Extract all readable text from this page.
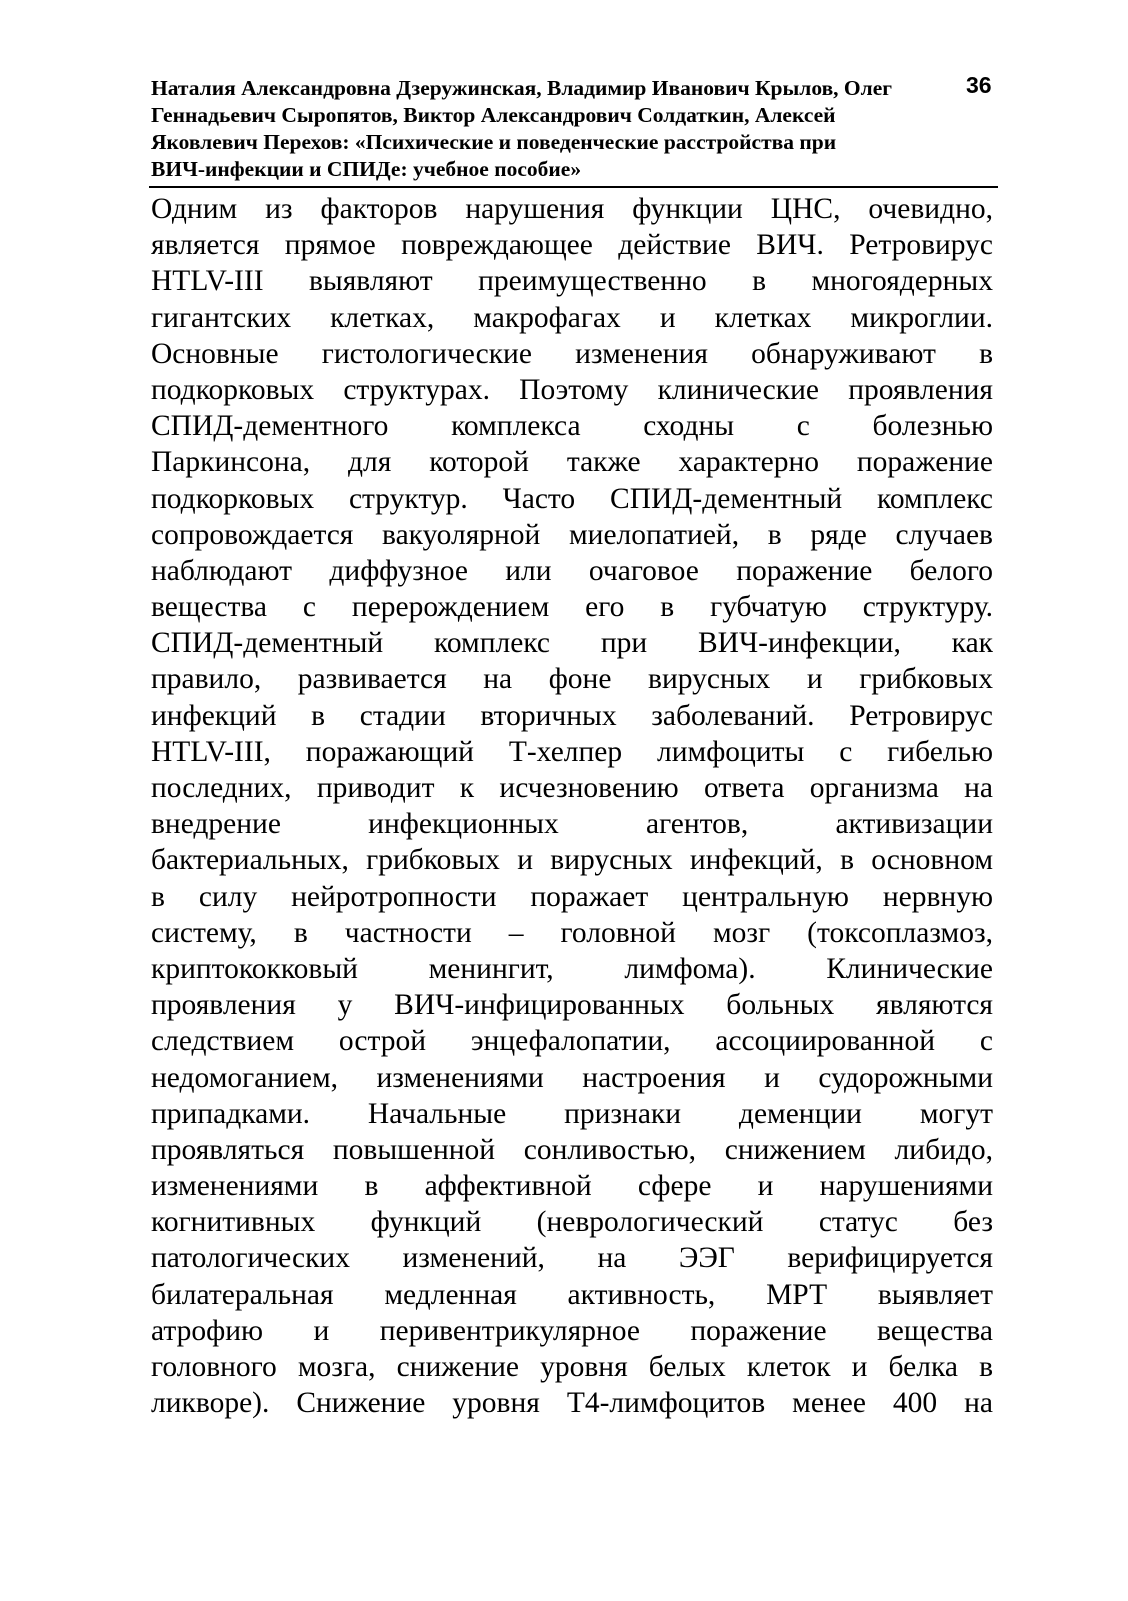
Наталия Александровна Дзеружинская, Владимир Иванович Крылов, Олег
Геннадьевич Сыропятов, Виктор Александрович Солдаткин, Алексей
Яковлевич Перехов: «Психические и поведенческие расстройства при
ВИЧ-инфекции и СПИДе: учебное пособие»
36
Одним из факторов нарушения функции ЦНС, очевидно,
является прямое повреждающее действие ВИЧ. Ретровирус
HTLV-III выявляют преимущественно в многоядерных
гигантских клетках, макрофагах и клетках микроглии.
Основные гистологические изменения обнаруживают в
подкорковых структурах. Поэтому клинические проявления
СПИД-дементного комплекса сходны с болезнью
Паркинсона, для которой также характерно поражение
подкорковых структур. Часто СПИД-дементный комплекс
сопровождается вакуолярной миелопатией, в ряде случаев
наблюдают диффузное или очаговое поражение белого
вещества с перерождением его в губчатую структуру.
СПИД-дементный комплекс при ВИЧ-инфекции, как
правило, развивается на фоне вирусных и грибковых
инфекций в стадии вторичных заболеваний. Ретровирус
HTLV-III, поражающий Т-хелпер лимфоциты с гибелью
последних, приводит к исчезновению ответа организма на
внедрение инфекционных агентов, активизации
бактериальных, грибковых и вирусных инфекций, в основном
в силу нейротропности поражает центральную нервную
систему, в частности – головной мозг (токсоплазмоз,
криптококковый менингит, лимфома). Клинические
проявления у ВИЧ-инфицированных больных являются
следствием острой энцефалопатии, ассоциированной с
недомоганием, изменениями настроения и судорожными
припадками. Начальные признаки деменции могут
проявляться повышенной сонливостью, снижением либидо,
изменениями в аффективной сфере и нарушениями
когнитивных функций (неврологический статус без
патологических изменений, на ЭЭГ верифицируется
билатеральная медленная активность, МРТ выявляет
атрофию и перивентрикулярное поражение вещества
головного мозга, снижение уровня белых клеток и белка в
ликворе). Снижение уровня Т4-лимфоцитов менее 400 на
